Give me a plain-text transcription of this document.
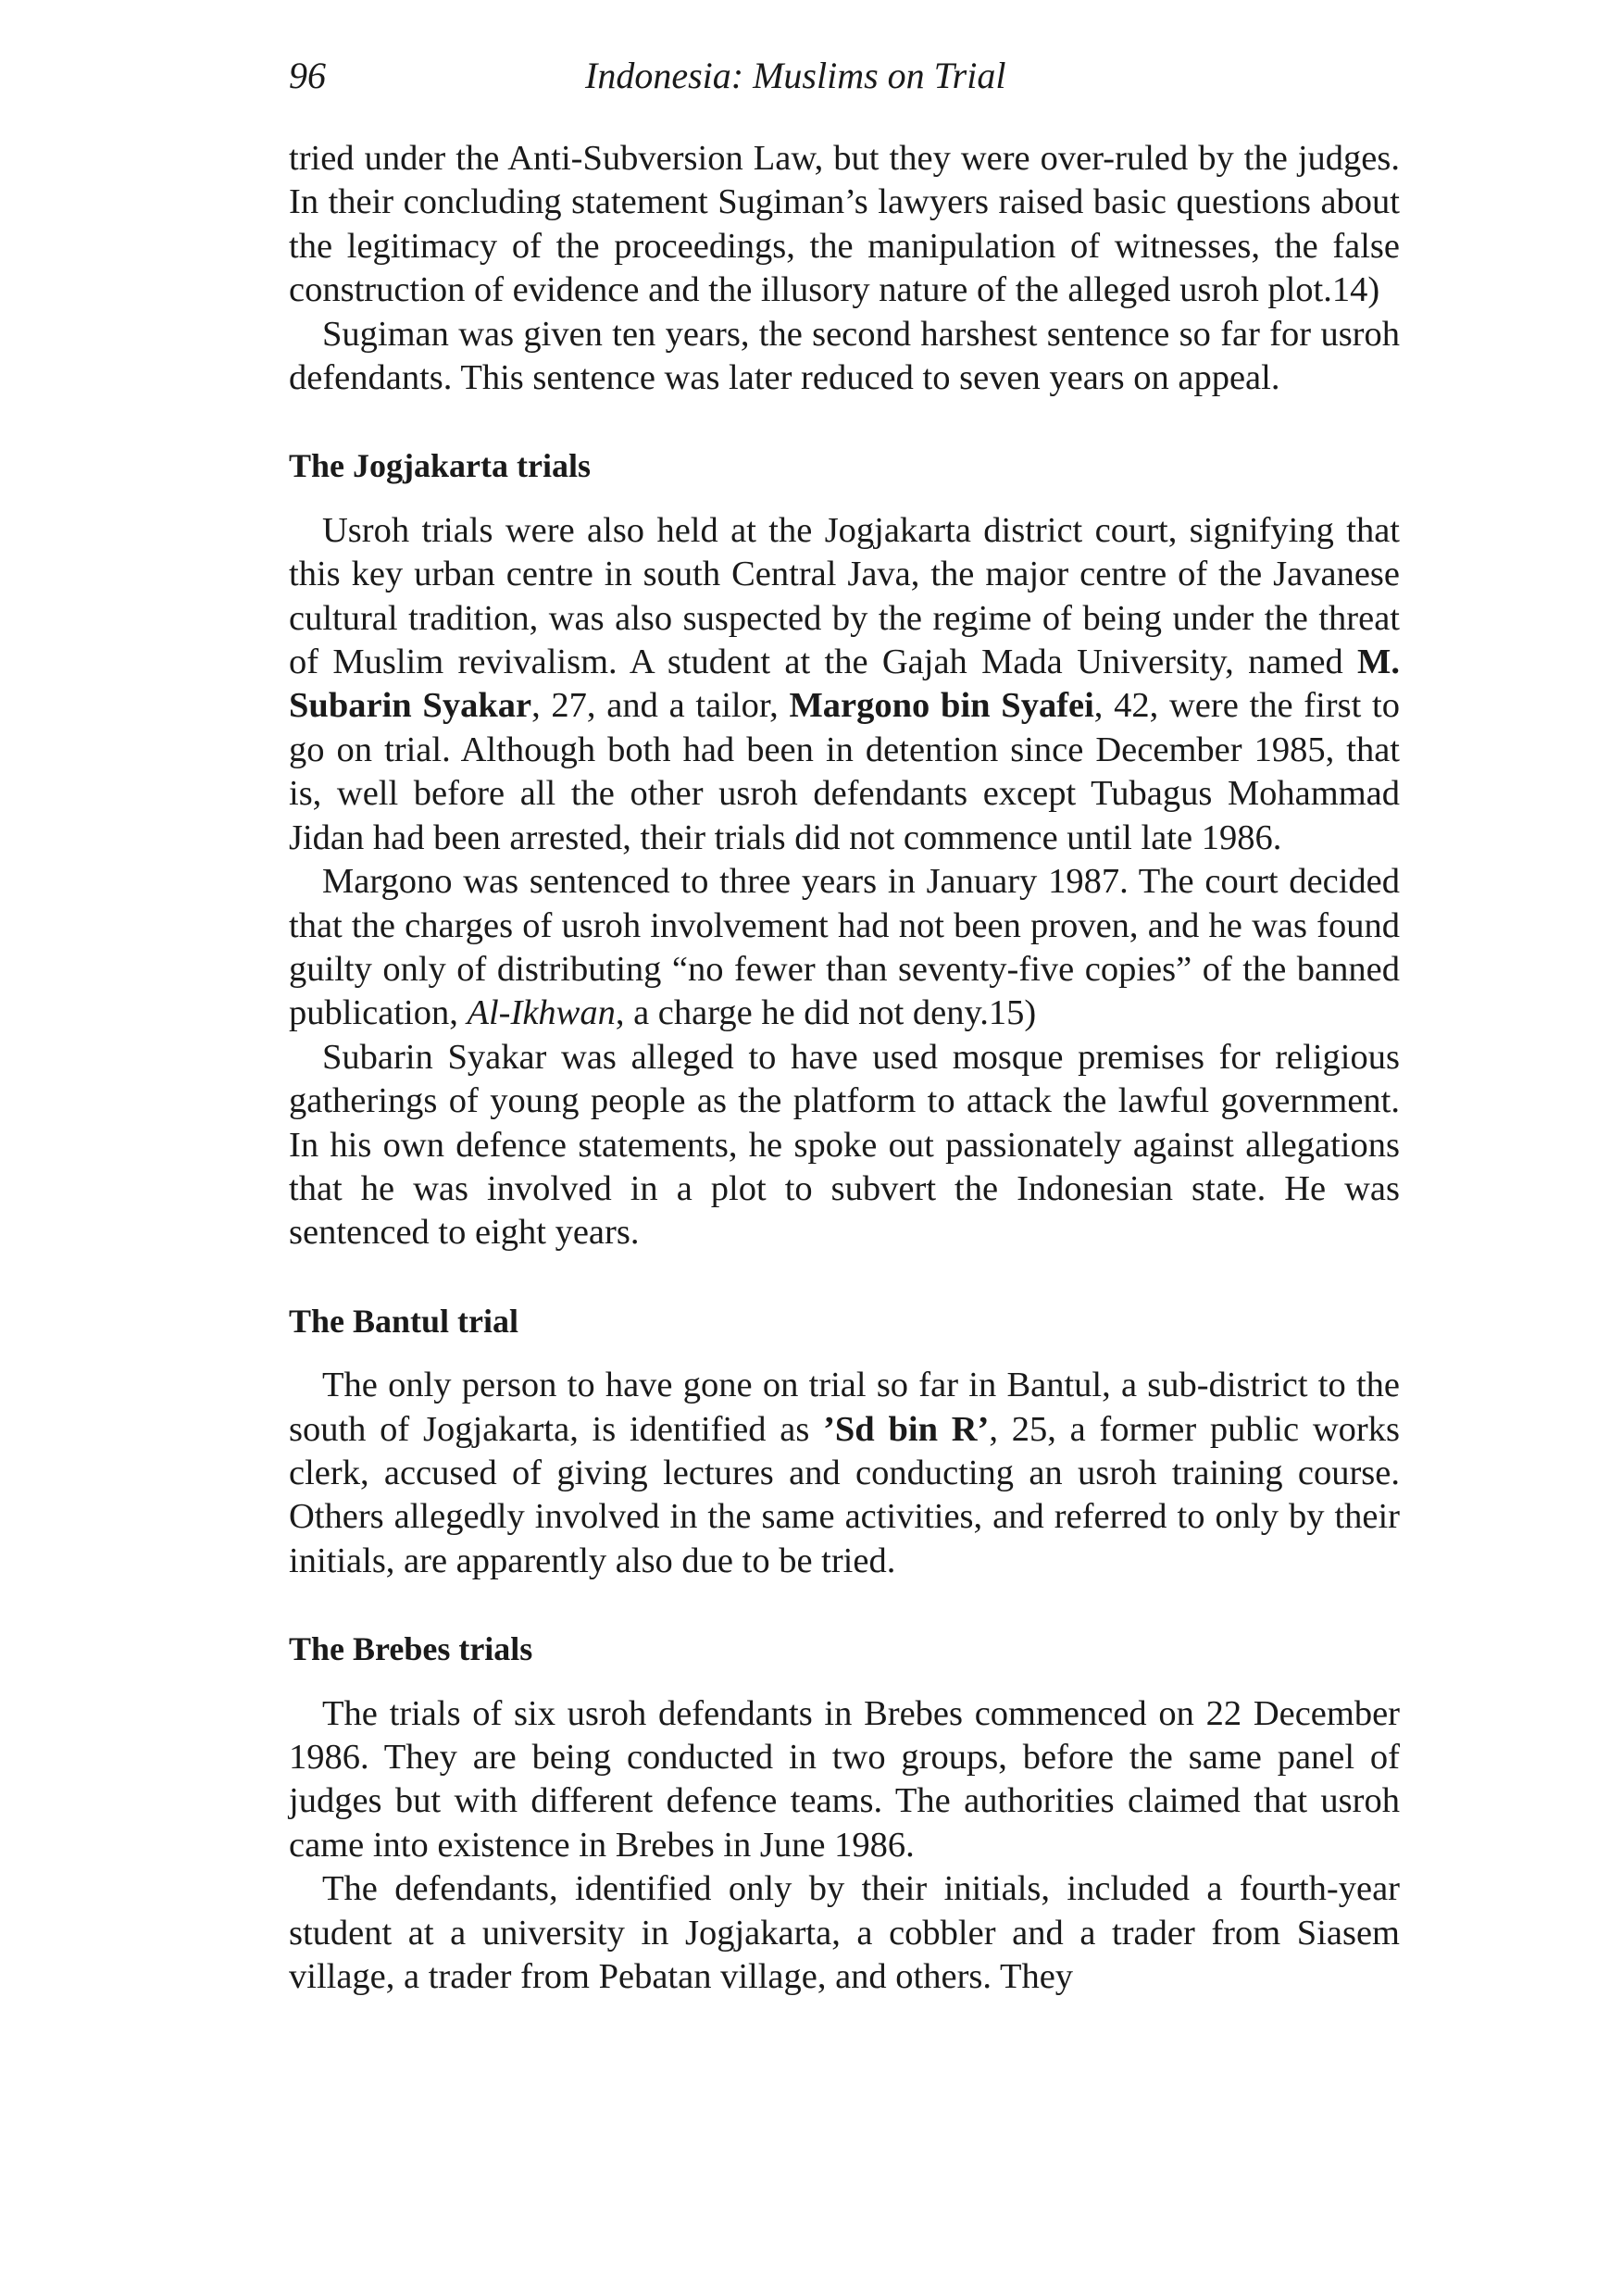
96	Indonesia: Muslims on Trial

tried under the Anti-Subversion Law, but they were over-ruled by the judges. In their concluding statement Sugiman’s lawyers raised basic questions about the legitimacy of the proceedings, the manipulation of witnesses, the false construction of evidence and the illusory nature of the alleged usroh plot.14)

Sugiman was given ten years, the second harshest sentence so far for usroh defendants. This sentence was later reduced to seven years on appeal.

The Jogjakarta trials

Usroh trials were also held at the Jogjakarta district court, signifying that this key urban centre in south Central Java, the major centre of the Javanese cultural tradition, was also suspected by the regime of being under the threat of Muslim revivalism. A student at the Gajah Mada University, named M. Subarin Syakar, 27, and a tailor, Margono bin Syafei, 42, were the first to go on trial. Although both had been in detention since December 1985, that is, well before all the other usroh defendants except Tubagus Mohammad Jidan had been arrested, their trials did not commence until late 1986.

Margono was sentenced to three years in January 1987. The court decided that the charges of usroh involvement had not been proven, and he was found guilty only of distributing “no fewer than seventy-five copies” of the banned publication, Al-Ikhwan, a charge he did not deny.15)

Subarin Syakar was alleged to have used mosque premises for religious gatherings of young people as the platform to attack the lawful government. In his own defence statements, he spoke out passionately against allegations that he was involved in a plot to subvert the Indonesian state. He was sentenced to eight years.

The Bantul trial

The only person to have gone on trial so far in Bantul, a sub-district to the south of Jogjakarta, is identified as ’Sd bin R’, 25, a former public works clerk, accused of giving lectures and conducting an usroh training course. Others allegedly involved in the same activities, and referred to only by their initials, are apparently also due to be tried.

The Brebes trials

The trials of six usroh defendants in Brebes commenced on 22 December 1986. They are being conducted in two groups, before the same panel of judges but with different defence teams. The authorities claimed that usroh came into existence in Brebes in June 1986.

The defendants, identified only by their initials, included a fourth-year student at a university in Jogjakarta, a cobbler and a trader from Siasem village, a trader from Pebatan village, and others. They
